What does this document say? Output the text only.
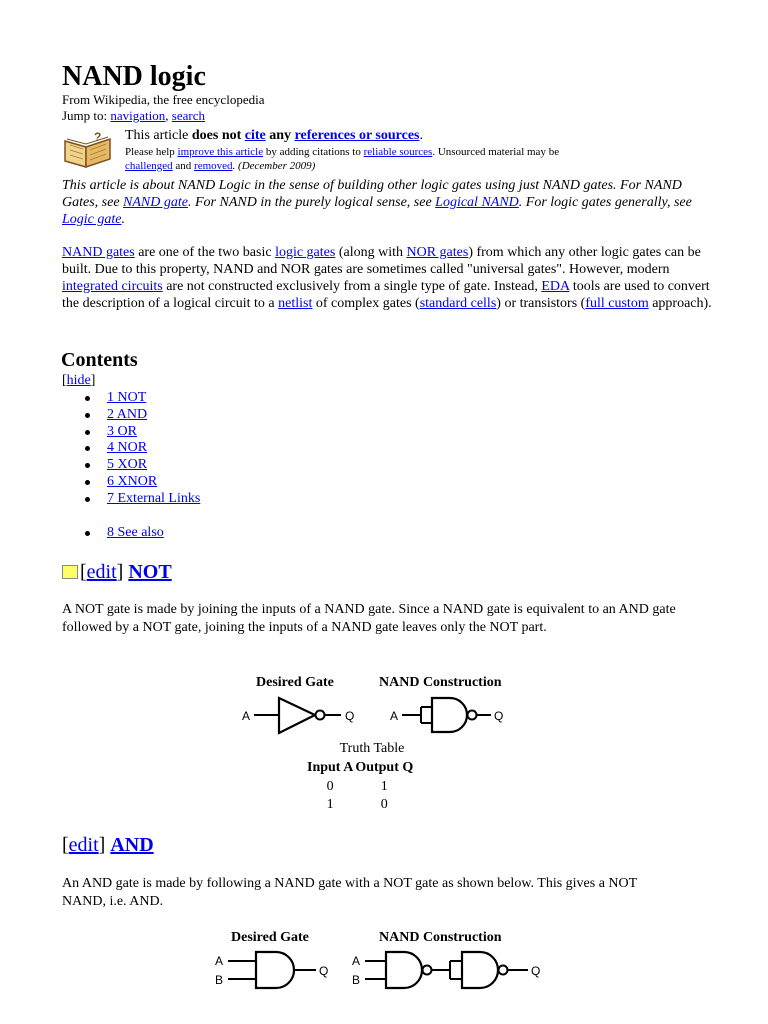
NAND logic
From Wikipedia, the free encyclopedia
Jump to: navigation, search
? This article does not cite any references or sources.
Please help improve this article by adding citations to reliable sources. Unsourced material may be
challenged and removed. (December 2009)
This article is about NAND Logic in the sense of building other logic gates using just NAND gates. For NAND Gates, see NAND gate. For NAND in the purely logical sense, see Logical NAND. For logic gates generally, see Logic gate.
NAND gates are one of the two basic logic gates (along with NOR gates) from which any other logic gates can be built. Due to this property, NAND and NOR gates are sometimes called "universal gates". However, modern integrated circuits are not constructed exclusively from a single type of gate. Instead, EDA tools are used to convert the description of a logical circuit to a netlist of complex gates (standard cells) or transistors (full custom approach).
Contents
[hide]
1 NOT
2 AND
3 OR
4 NOR
5 XOR
6 XNOR
7 External Links
8 See also
[edit] NOT
A NOT gate is made by joining the inputs of a NAND gate. Since a NAND gate is equivalent to an AND gate followed by a NOT gate, joining the inputs of a NAND gate leaves only the NOT part.
Desired Gate	NAND Construction
A	Q	A	Q
Truth Table
Input A	Output Q
0	1
1	0
[edit] AND
An AND gate is made by following a NAND gate with a NOT gate as shown below. This gives a NOT NAND, i.e. AND.
Desired Gate	NAND Construction
A
B
Q
A
B
Q
